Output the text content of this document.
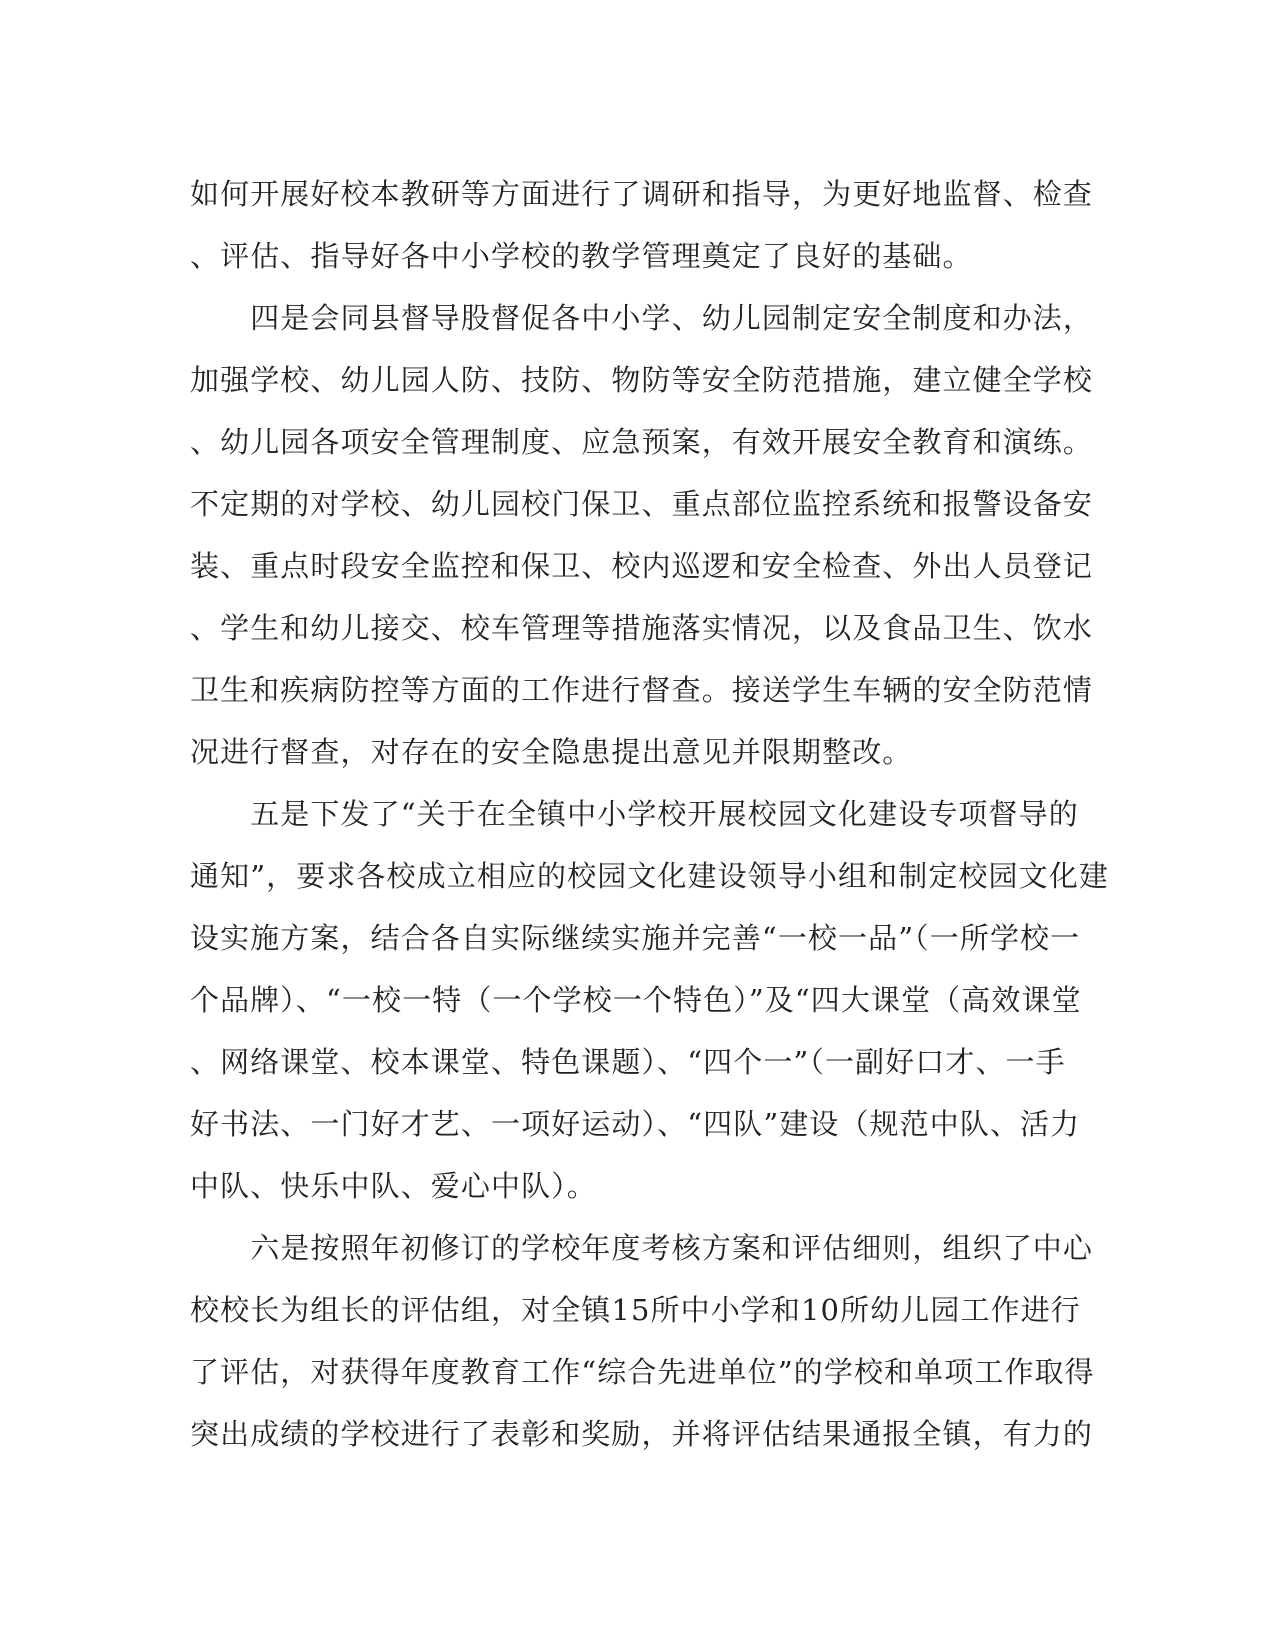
如何开展好校本教研等方面进行了调研和指导，为更好地监督、检查
、评估、指导好各中小学校的教学管理奠定了良好的基础。
　　四是会同县督导股督促各中小学、幼儿园制定安全制度和办法，
加强学校、幼儿园人防、技防、物防等安全防范措施，建立健全学校
、幼儿园各项安全管理制度、应急预案，有效开展安全教育和演练。
不定期的对学校、幼儿园校门保卫、重点部位监控系统和报警设备安
装、重点时段安全监控和保卫、校内巡逻和安全检查、外出人员登记
、学生和幼儿接交、校车管理等措施落实情况，以及食品卫生、饮水
卫生和疾病防控等方面的工作进行督查。接送学生车辆的安全防范情
况进行督查，对存在的安全隐患提出意见并限期整改。
　　五是下发了“关于在全镇中小学校开展校园文化建设专项督导的
通知”，要求各校成立相应的校园文化建设领导小组和制定校园文化建
设实施方案，结合各自实际继续实施并完善“一校一品”（一所学校一
个品牌）、“一校一特（一个学校一个特色）”及“四大课堂（高效课堂
、网络课堂、校本课堂、特色课题）、“四个一”（一副好口才、一手
好书法、一门好才艺、一项好运动）、“四队”建设（规范中队、活力
中队、快乐中队、爱心中队）。
　　六是按照年初修订的学校年度考核方案和评估细则，组织了中心
校校长为组长的评估组，对全镇15所中小学和10所幼儿园工作进行
了评估，对获得年度教育工作“综合先进单位”的学校和单项工作取得
突出成绩的学校进行了表彰和奖励，并将评估结果通报全镇，有力的
